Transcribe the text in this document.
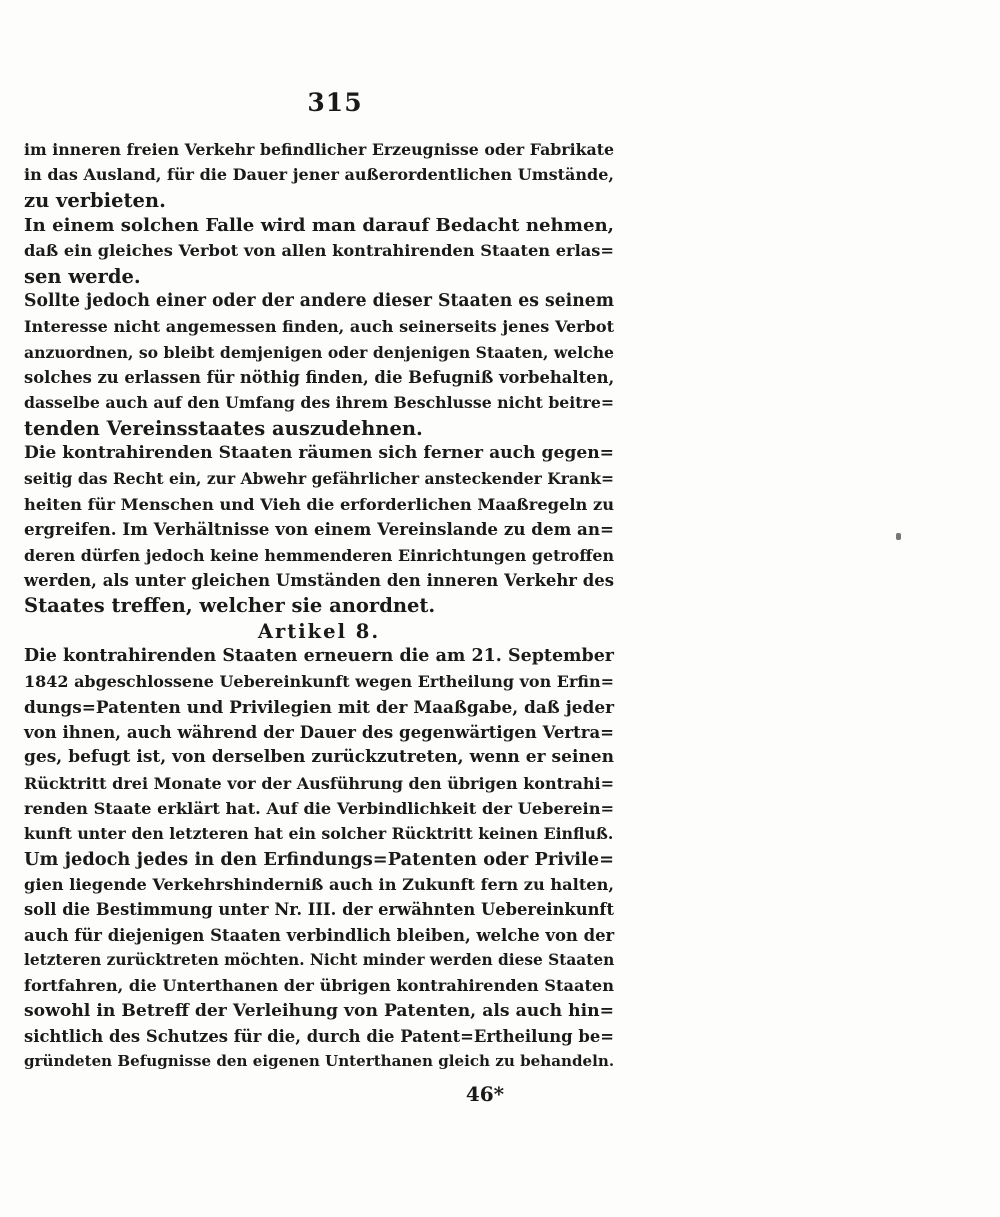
315
im inneren freien Verkehr befindlicher Erzeugnisse oder Fabrikate
in das Ausland, für die Dauer jener außerordentlichen Umstände,
zu verbieten.
In einem solchen Falle wird man darauf Bedacht nehmen,
daß ein gleiches Verbot von allen kontrahirenden Staaten erlas=
sen werde.
Sollte jedoch einer oder der andere dieser Staaten es seinem
Interesse nicht angemessen finden, auch seinerseits jenes Verbot
anzuordnen, so bleibt demjenigen oder denjenigen Staaten, welche
solches zu erlassen für nöthig finden, die Befugniß vorbehalten,
dasselbe auch auf den Umfang des ihrem Beschlusse nicht beitre=
tenden Vereinsstaates auszudehnen.
Die kontrahirenden Staaten räumen sich ferner auch gegen=
seitig das Recht ein, zur Abwehr gefährlicher ansteckender Krank=
heiten für Menschen und Vieh die erforderlichen Maaßregeln zu
ergreifen. Im Verhältnisse von einem Vereinslande zu dem an=
deren dürfen jedoch keine hemmenderen Einrichtungen getroffen
werden, als unter gleichen Umständen den inneren Verkehr des
Staates treffen, welcher sie anordnet.
Artikel 8.
Die kontrahirenden Staaten erneuern die am 21. September
1842 abgeschlossene Uebereinkunft wegen Ertheilung von Erfin=
dungs=Patenten und Privilegien mit der Maaßgabe, daß jeder
von ihnen, auch während der Dauer des gegenwärtigen Vertra=
ges, befugt ist, von derselben zurückzutreten, wenn er seinen
Rücktritt drei Monate vor der Ausführung den übrigen kontrahi=
renden Staate erklärt hat. Auf die Verbindlichkeit der Ueberein=
kunft unter den letzteren hat ein solcher Rücktritt keinen Einfluß.
Um jedoch jedes in den Erfindungs=Patenten oder Privile=
gien liegende Verkehrshinderniß auch in Zukunft fern zu halten,
soll die Bestimmung unter Nr. III. der erwähnten Uebereinkunft
auch für diejenigen Staaten verbindlich bleiben, welche von der
letzteren zurücktreten möchten. Nicht minder werden diese Staaten
fortfahren, die Unterthanen der übrigen kontrahirenden Staaten
sowohl in Betreff der Verleihung von Patenten, als auch hin=
sichtlich des Schutzes für die, durch die Patent=Ertheilung be=
gründeten Befugnisse den eigenen Unterthanen gleich zu behandeln.
46*
